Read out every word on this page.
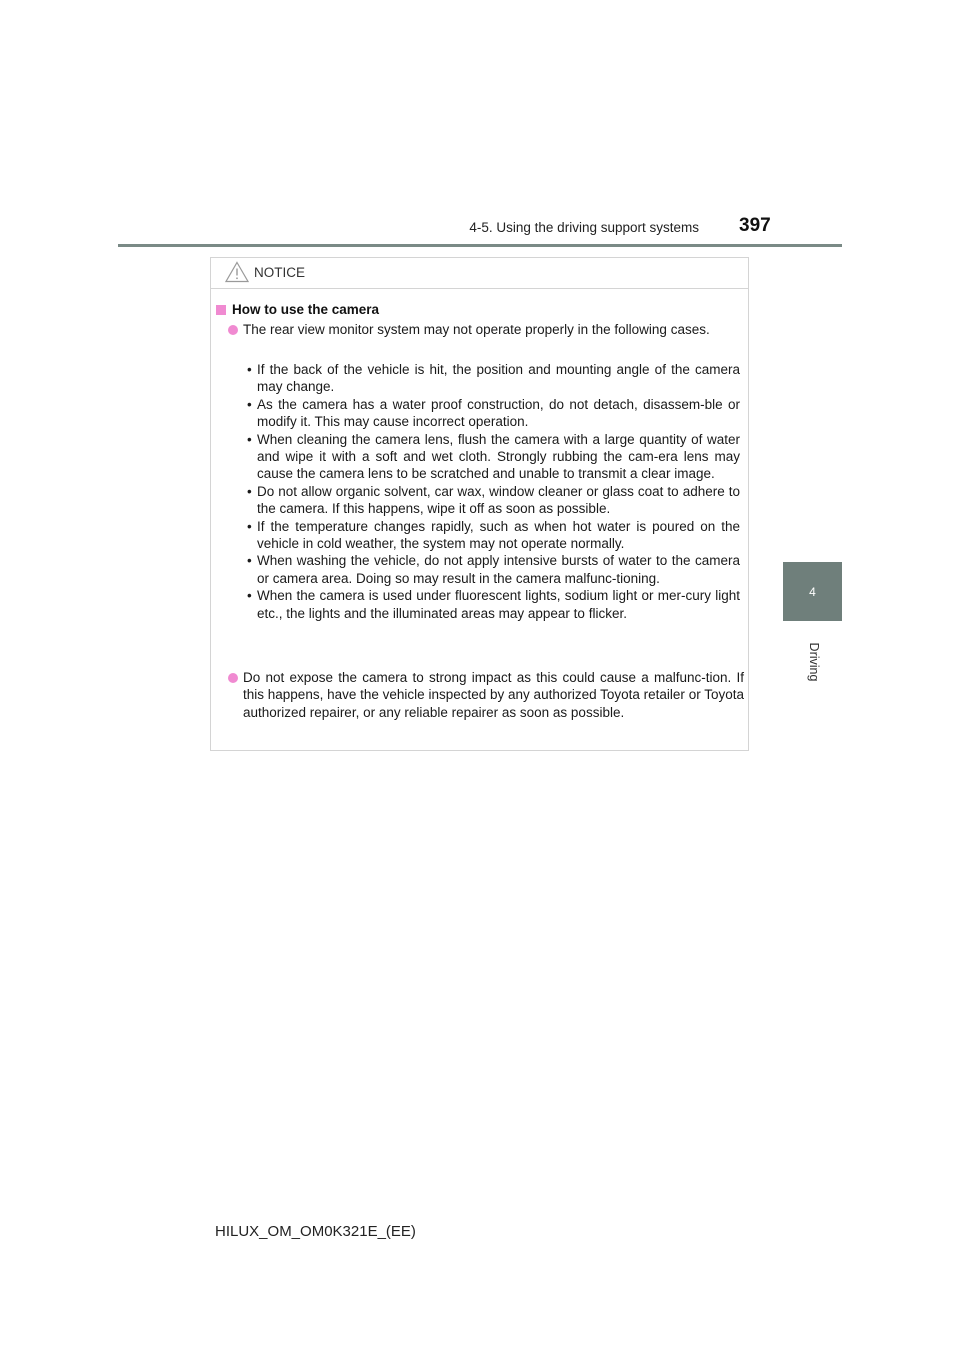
4-5. Using the driving support systems 397
4
Driving
NOTICE
How to use the camera
The rear view monitor system may not operate properly in the following cases.
• If the back of the vehicle is hit, the position and mounting angle of the camera may change.
• As the camera has a water proof construction, do not detach, disassem-ble or modify it. This may cause incorrect operation.
• When cleaning the camera lens, flush the camera with a large quantity of water and wipe it with a soft and wet cloth. Strongly rubbing the cam-era lens may cause the camera lens to be scratched and unable to transmit a clear image.
• Do not allow organic solvent, car wax, window cleaner or glass coat to adhere to the camera. If this happens, wipe it off as soon as possible.
• If the temperature changes rapidly, such as when hot water is poured on the vehicle in cold weather, the system may not operate normally.
• When washing the vehicle, do not apply intensive bursts of water to the camera or camera area. Doing so may result in the camera malfunc-tioning.
• When the camera is used under fluorescent lights, sodium light or mer-cury light etc., the lights and the illuminated areas may appear to flicker.
Do not expose the camera to strong impact as this could cause a malfunc-tion. If this happens, have the vehicle inspected by any authorized Toyota retailer or Toyota authorized repairer, or any reliable repairer as soon as possible.
HILUX_OM_OM0K321E_(EE)
